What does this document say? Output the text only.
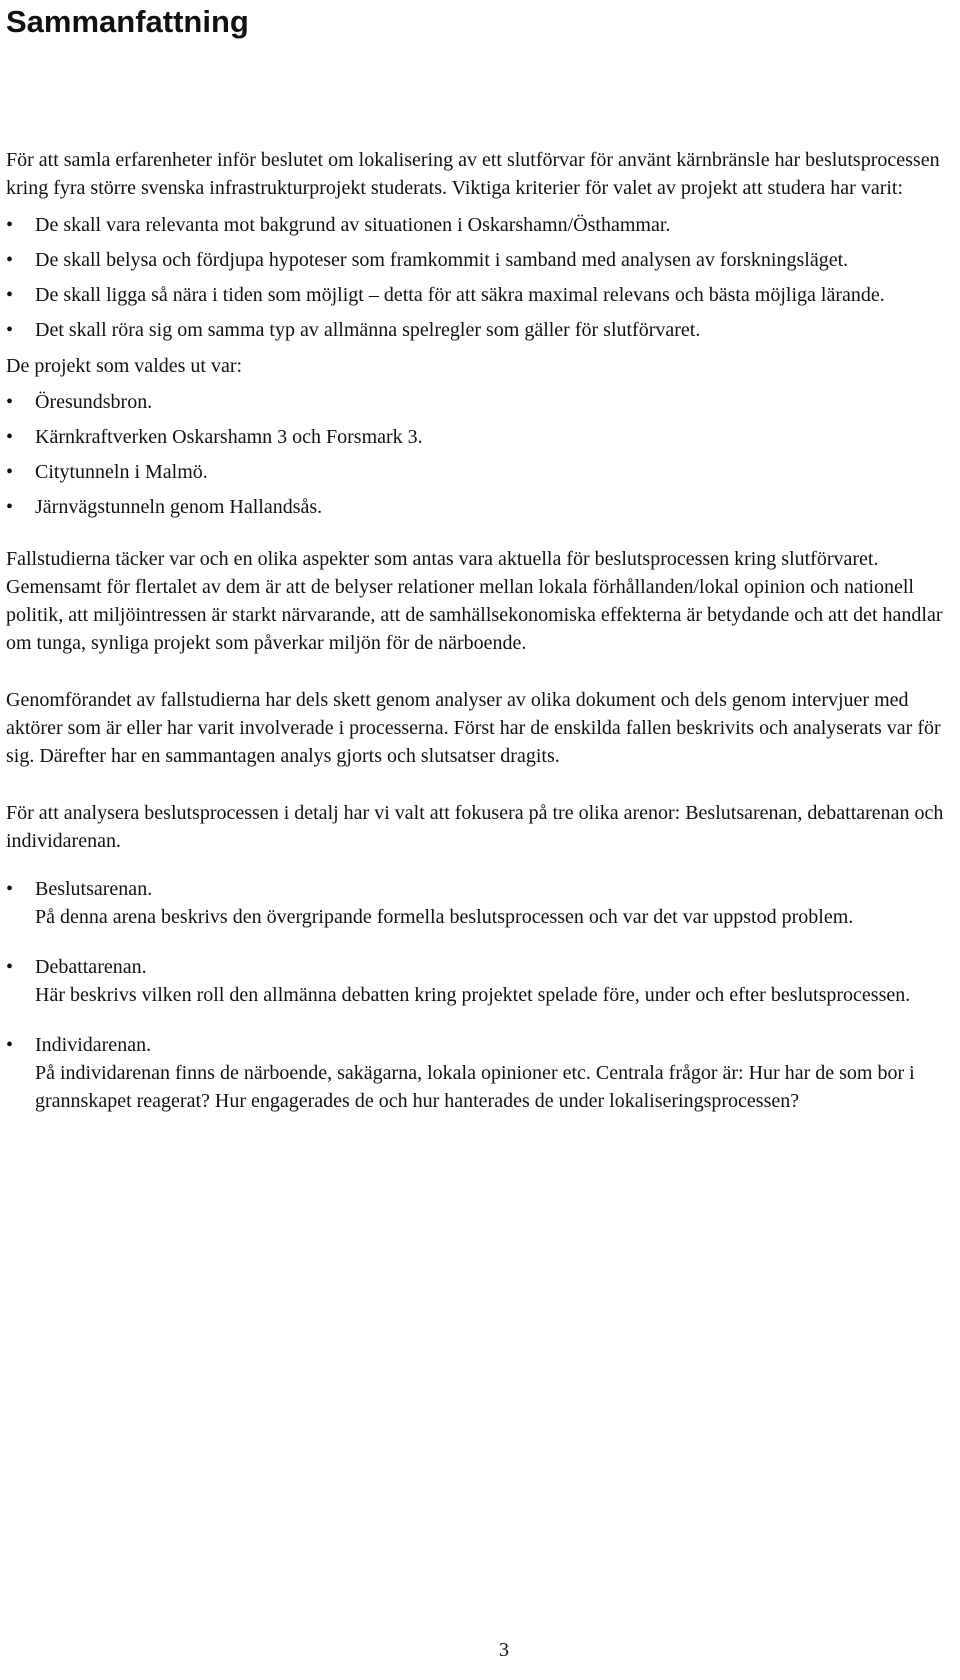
Sammanfattning

För att samla erfarenheter inför beslutet om lokalisering av ett slutförvar för använt kärnbränsle har beslutsprocessen kring fyra större svenska infrastrukturprojekt studerats. Viktiga kriterier för valet av projekt att studera har varit:

•	De skall vara relevanta mot bakgrund av situationen i Oskarshamn/Östhammar.
•	De skall belysa och fördjupa hypoteser som framkommit i samband med analysen av forskningsläget.
•	De skall ligga så nära i tiden som möjligt – detta för att säkra maximal relevans och bästa möjliga lärande.
•	Det skall röra sig om samma typ av allmänna spelregler som gäller för slutförvaret.

De projekt som valdes ut var:

•	Öresundsbron.
•	Kärnkraftverken Oskarshamn 3 och Forsmark 3.
•	Citytunneln i Malmö.
•	Järnvägstunneln genom Hallandsås.

Fallstudierna täcker var och en olika aspekter som antas vara aktuella för beslutsprocessen kring slutförvaret. Gemensamt för flertalet av dem är att de belyser relationer mellan lokala förhållanden/lokal opinion och nationell politik, att miljöintressen är starkt närvarande, att de samhällsekonomiska effekterna är betydande och att det handlar om tunga, synliga projekt som påverkar miljön för de närboende.

Genomförandet av fallstudierna har dels skett genom analyser av olika dokument och dels genom intervjuer med aktörer som är eller har varit involverade i processerna. Först har de enskilda fallen beskrivits och analyserats var för sig. Därefter har en sammantagen analys gjorts och slutsatser dragits.

För att analysera beslutsprocessen i detalj har vi valt att fokusera på tre olika arenor: Beslutsarenan, debattarenan och individarenan.

•	Beslutsarenan.
På denna arena beskrivs den övergripande formella beslutsprocessen och var det var uppstod problem.
•	Debattarenan.
Här beskrivs vilken roll den allmänna debatten kring projektet spelade före, under och efter beslutsprocessen.
•	Individarenan.
På individarenan finns de närboende, sakägarna, lokala opinioner etc. Centrala frågor är: Hur har de som bor i grannskapet reagerat? Hur engagerades de och hur hanterades de under lokaliseringsprocessen?
3
